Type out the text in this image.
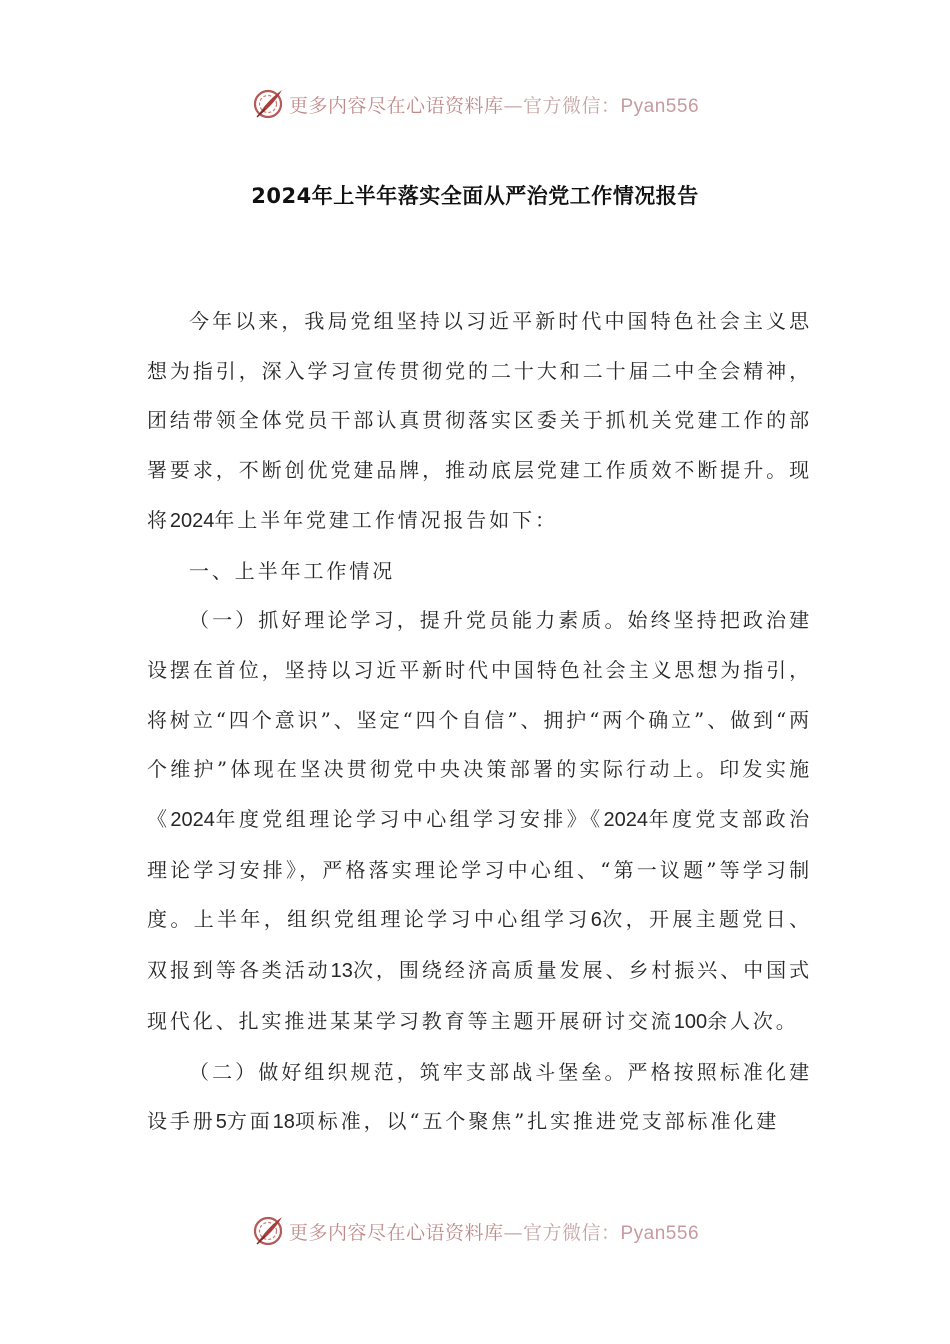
更多内容尽在心语资料库—官方微信：Pyan556
2024年上半年落实全面从严治党工作情况报告

今年以来，我局党组坚持以习近平新时代中国特色社会主义思想为指引，深入学习宣传贯彻党的二十大和二十届二中全会精神，团结带领全体党员干部认真贯彻落实区委关于抓机关党建工作的部署要求，不断创优党建品牌，推动底层党建工作质效不断提升。现将2024年上半年党建工作情况报告如下：

一、上半年工作情况

（一）抓好理论学习，提升党员能力素质。始终坚持把政治建设摆在首位，坚持以习近平新时代中国特色社会主义思想为指引，将树立“四个意识”、坚定“四个自信”、拥护“两个确立”、做到“两个维护”体现在坚决贯彻党中央决策部署的实际行动上。印发实施《2024年度党组理论学习中心组学习安排》《2024年度党支部政治理论学习安排》，严格落实理论学习中心组、“第一议题”等学习制度。上半年，组织党组理论学习中心组学习6次，开展主题党日、双报到等各类活动13次，围绕经济高质量发展、乡村振兴、中国式现代化、扎实推进某某学习教育等主题开展研讨交流100余人次。

（二）做好组织规范，筑牢支部战斗堡垒。严格按照标准化建设手册5方面18项标准，以“五个聚焦”扎实推进党支部标准化建

更多内容尽在心语资料库—官方微信：Pyan556
